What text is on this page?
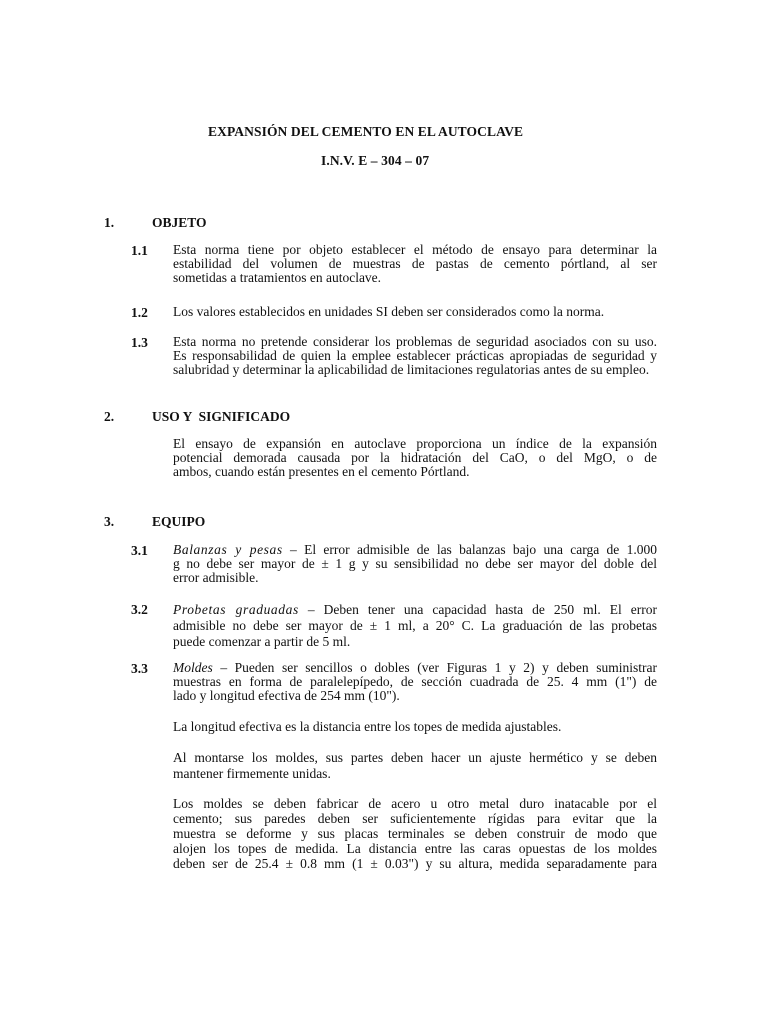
EXPANSIÓN DEL CEMENTO EN EL AUTOCLAVE
I.N.V. E – 304 – 07
1.	OBJETO
1.1 Esta norma tiene por objeto establecer el método de ensayo para determinar la
estabilidad del volumen de muestras de pastas de cemento pórtland, al ser
sometidas a tratamientos en autoclave.
1.2 Los valores establecidos en unidades SI deben ser considerados como la norma.
1.3 Esta norma no pretende considerar los problemas de seguridad asociados con su uso.
Es responsabilidad de quien la emplee establecer prácticas apropiadas de seguridad y
salubridad y determinar la aplicabilidad de limitaciones regulatorias antes de su empleo.
2.	USO Y  SIGNIFICADO
El ensayo de expansión en autoclave proporciona un índice de la expansión
potencial demorada causada por la hidratación del CaO, o del MgO, o de
ambos, cuando están presentes en el cemento Pórtland.
3.	EQUIPO
3.1 Balanzas y pesas – El error admisible de las balanzas bajo una carga de 1.000
g no debe ser mayor de ± 1 g y su sensibilidad no debe ser mayor del doble del
error admisible.
3.2 Probetas graduadas – Deben tener una capacidad hasta de 250 ml. El error
admisible no debe ser mayor de ± 1 ml, a 20° C. La graduación de las probetas
puede comenzar a partir de 5 ml.
3.3 Moldes – Pueden ser sencillos o dobles (ver Figuras 1 y 2) y deben suministrar
muestras en forma de paralelepípedo, de sección cuadrada de 25. 4 mm (1") de
lado y longitud efectiva de 254 mm (10").
La longitud efectiva es la distancia entre los topes de medida ajustables.
Al montarse los moldes, sus partes deben hacer un ajuste hermético y se deben
mantener firmemente unidas.
Los moldes se deben fabricar de acero u otro metal duro inatacable por el
cemento; sus paredes deben ser suficientemente rígidas para evitar que la
muestra se deforme y sus placas terminales se deben construir de modo que
alojen los topes de medida. La distancia entre las caras opuestas de los moldes
deben ser de 25.4 ± 0.8 mm (1 ± 0.03") y su altura, medida separadamente para
